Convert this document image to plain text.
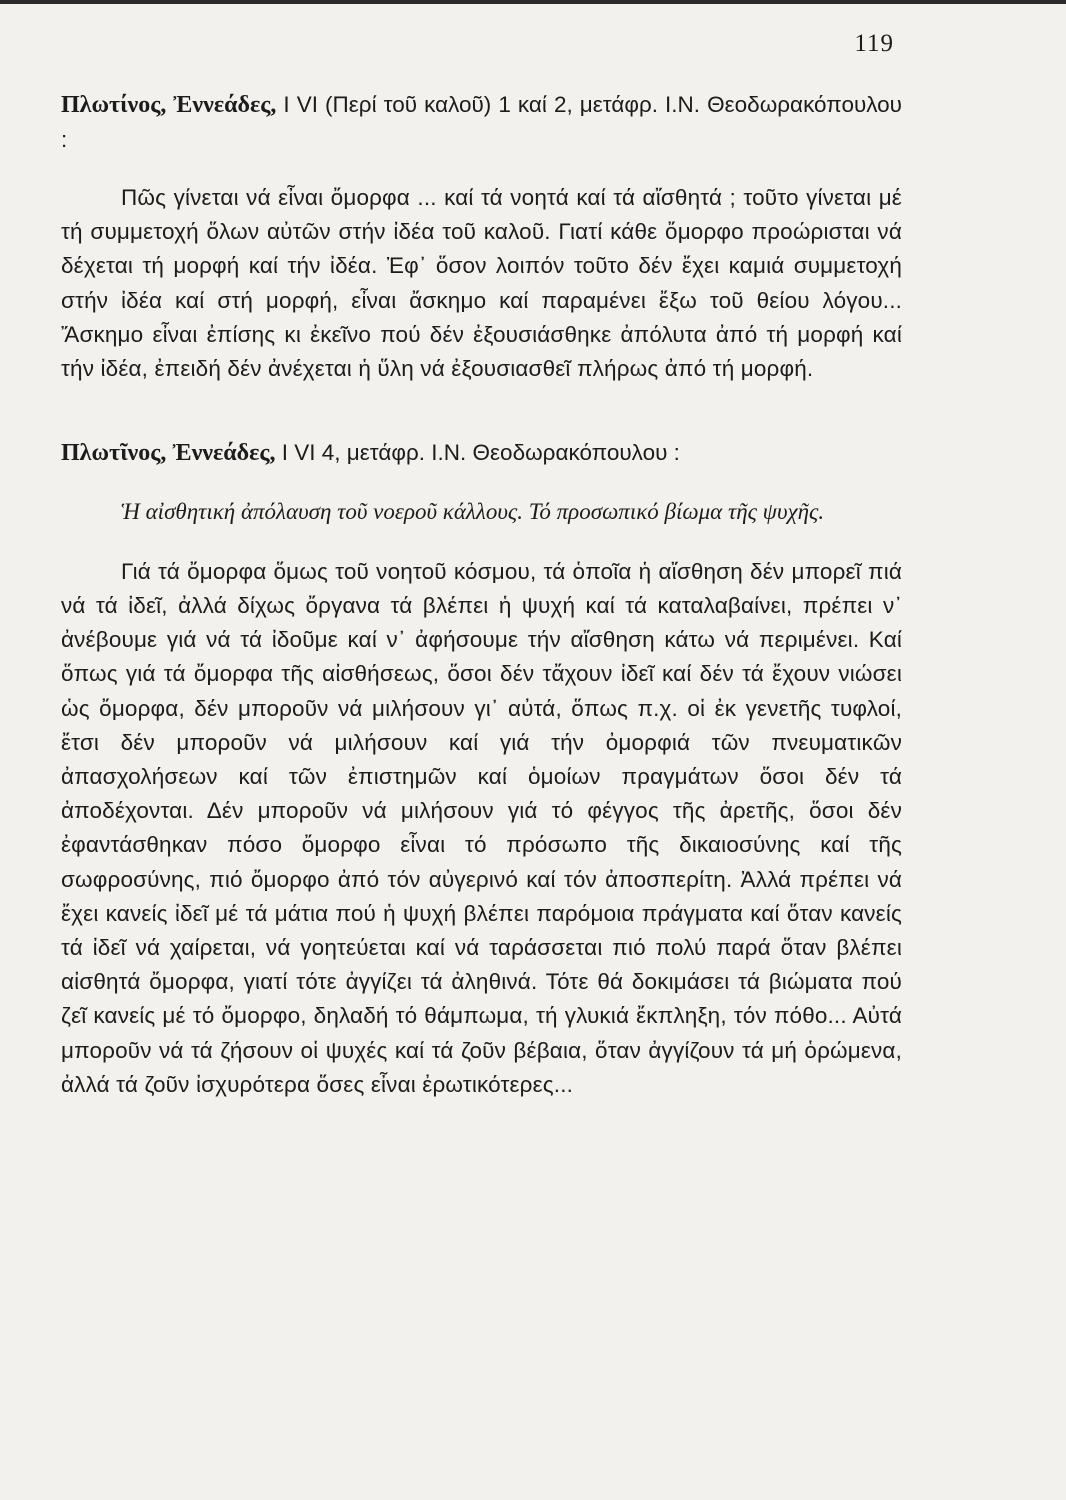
119

Πλωτίνος, Ἐννεάδες, Ι VI (Περί τοῦ καλοῦ) 1 καί 2, μετάφρ. Ι.Ν. Θεοδωρακόπουλου :

Πῶς γίνεται νά εἶναι ὄμορφα ... καί τά νοητά καί τά αἴσθητά ; τοῦτο γίνεται μέ τή συμμετοχή ὅλων αὐτῶν στήν ἰδέα τοῦ καλοῦ. Γιατί κάθε ὄμορφο προώρισται νά δέχεται τή μορφή καί τήν ἰδέα. Ἐφ᾽ ὅσον λοιπόν τοῦτο δέν ἔχει καμιά συμμετοχή στήν ἰδέα καί στή μορφή, εἶναι ἄσκημο καί παραμένει ἔξω τοῦ θείου λόγου... Ἄσκημο εἶναι ἐπίσης κι ἐκεῖνο πού δέν ἐξουσιάσθηκε ἀπόλυτα ἀπό τή μορφή καί τήν ἰδέα, ἐπειδή δέν ἀνέχεται ἡ ὕλη νά ἐξουσιασθεῖ πλήρως ἀπό τή μορφή.

Πλωτῖνος, Ἐννεάδες, Ι VI 4, μετάφρ. Ι.Ν. Θεοδωρακόπουλου :

Ἡ αἰσθητική ἀπόλαυση τοῦ νοεροῦ κάλλους. Τό προσωπικό βίωμα τῆς ψυχῆς.

Γιά τά ὄμορφα ὅμως τοῦ νοητοῦ κόσμου, τά ὁποῖα ἡ αἴσθηση δέν μπορεῖ πιά νά τά ἰδεῖ, ἀλλά δίχως ὄργανα τά βλέπει ἡ ψυχή καί τά καταλαβαίνει, πρέπει ν᾽ ἀνέβουμε γιά νά τά ἰδοῦμε καί ν᾽ ἀφήσουμε τήν αἴσθηση κάτω νά περιμένει. Καί ὅπως γιά τά ὄμορφα τῆς αἰσθήσεως, ὅσοι δέν τἄχουν ἰδεῖ καί δέν τά ἔχουν νιώσει ὡς ὄμορφα, δέν μποροῦν νά μιλήσουν γι᾽ αὐτά, ὅπως π.χ. οἱ ἐκ γενετῆς τυφλοί, ἔτσι δέν μποροῦν νά μιλήσουν καί γιά τήν ὀμορφιά τῶν πνευματικῶν ἀπασχολήσεων καί τῶν ἐπιστημῶν καί ὁμοίων πραγμάτων ὅσοι δέν τά ἀποδέχονται. Δέν μποροῦν νά μιλήσουν γιά τό φέγγος τῆς ἀρετῆς, ὅσοι δέν ἐφαντάσθηκαν πόσο ὄμορφο εἶναι τό πρόσωπο τῆς δικαιοσύνης καί τῆς σωφροσύνης, πιό ὄμορφο ἀπό τόν αὐγερινό καί τόν ἀποσπερίτη. Ἀλλά πρέπει νά ἔχει κανείς ἰδεῖ μέ τά μάτια πού ἡ ψυχή βλέπει παρόμοια πράγματα καί ὅταν κανείς τά ἰδεῖ νά χαίρεται, νά γοητεύεται καί νά ταράσσεται πιό πολύ παρά ὅταν βλέπει αἰσθητά ὄμορφα, γιατί τότε ἀγγίζει τά ἀληθινά. Τότε θά δοκιμάσει τά βιώματα πού ζεῖ κανείς μέ τό ὄμορφο, δηλαδή τό θάμπωμα, τή γλυκιά ἔκπληξη, τόν πόθο... Αὐτά μποροῦν νά τά ζήσουν οἱ ψυχές καί τά ζοῦν βέβαια, ὅταν ἀγγίζουν τά μή ὁρώμενα, ἀλλά τά ζοῦν ἰσχυρότερα ὅσες εἶναι ἐρωτικότερες...
